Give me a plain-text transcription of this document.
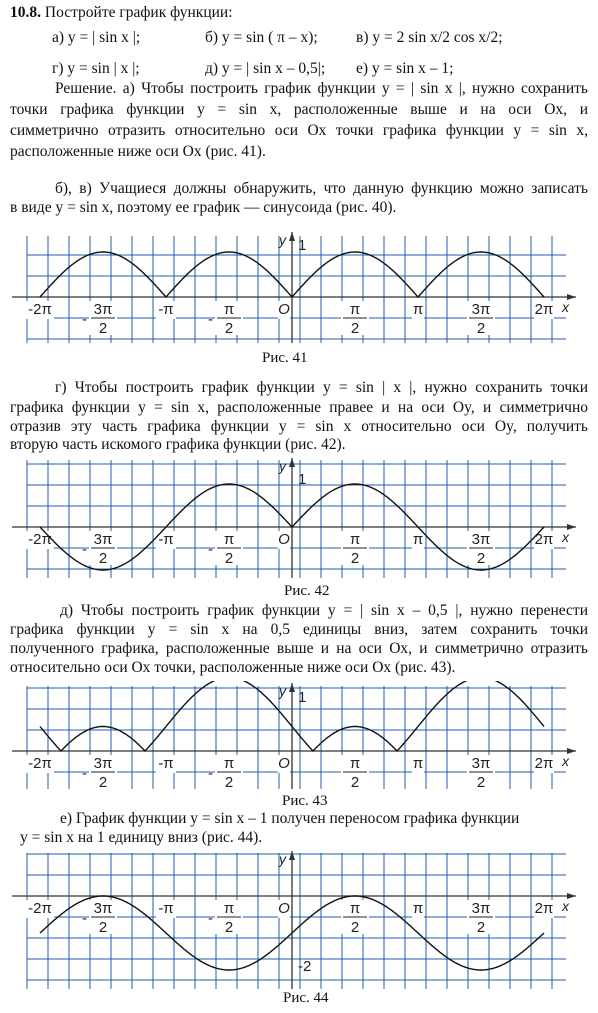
10.8. Постройте график функции:
а) y = | sin x |;	б) y = sin ( π – x); в) y = 2 sin x/2 cos x/2;
г) y = sin | x |;	д) y = | sin x – 0,5|; е) y = sin x – 1;
Решение. а) Чтобы построить график функции y = | sin x |, нужно сохранить
точки графика функции y = sin x, расположенные выше и на оси Ox, и
симметрично отразить относительно оси Ox точки графика функции y = sin x,
расположенные ниже оси Ox (рис. 41).
б), в) Учащиеся должны обнаружить, что данную функцию можно записать
в виде y = sin x, поэтому ее график — синусоида (рис. 40).
x
y 1
-2π	3π
2
-
-π	π
2
-
O	π
2
π	3π
2
2π
Рис. 41
г) Чтобы построить график функции y = sin | x |, нужно сохранить точки
графика функции y = sin x, расположенные правее и на оси Oy, и симметрично
отразив эту часть графика функции y = sin x относительно оси Oy, получить
вторую часть искомого графика функции (рис. 42).
x
y
1
-2π	3π
2
-
-π	π
2
-
O	π
2
π	3π
2
2π
Рис. 42
д) Чтобы построить график функции y = | sin x – 0,5 |, нужно перенести
графика функции y = sin x на 0,5 единицы вниз, затем сохранить точки
полученного графика, расположенные выше и на оси Ox, и симметрично отразить
относительно оси Ox точки, расположенные ниже оси Ox (рис. 43).
x
y 1
-2π	3π
2
-
-π	π
2
-
O	π
2
π	3π
2
2π
Рис. 43
е) График функции y = sin x – 1 получен переносом графика функции
y = sin x на 1 единицу вниз (рис. 44).
x
y
-2
-2π	3π
2
-
-π	π
2
-
O	π
2
π	3π
2
2π
Рис. 44
